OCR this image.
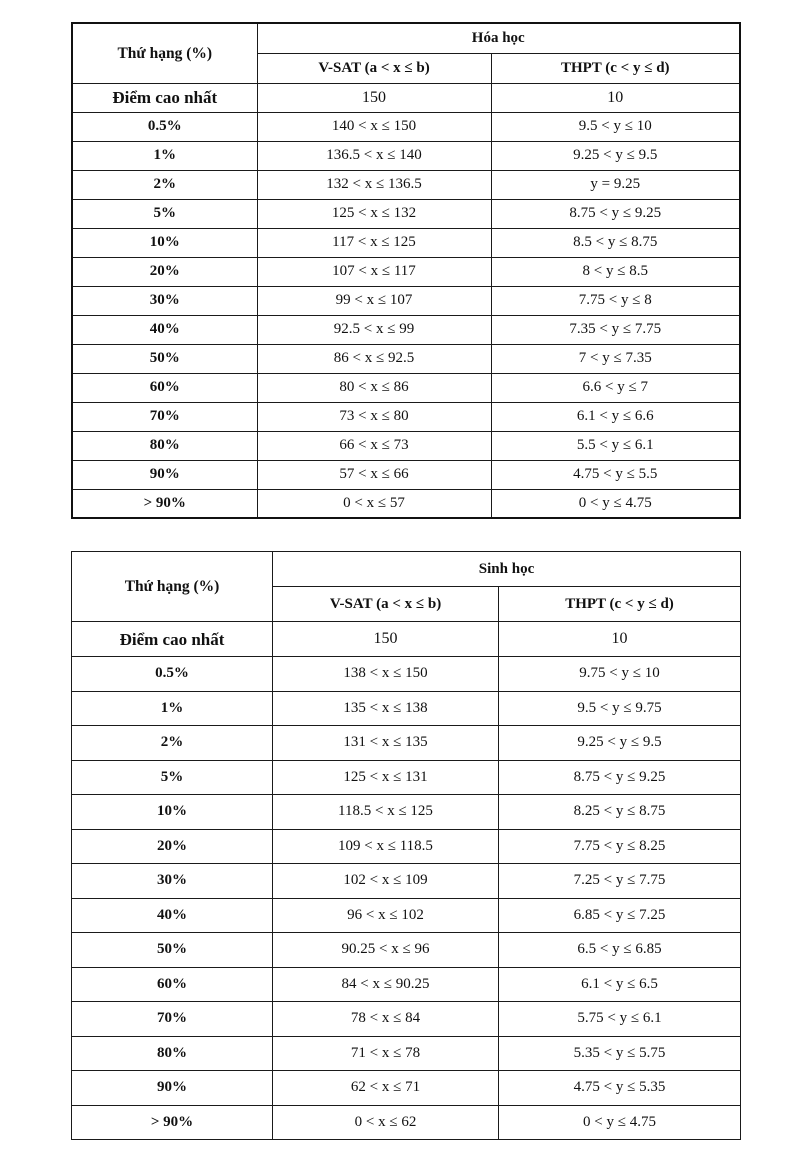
Thứ hạng (%)	Hóa học	
	V-SAT (a < x ≤ b)	THPT (c < y ≤ d)
Điểm cao nhất	150	10
0.5%	140 < x ≤ 150	9.5 < y ≤ 10
1%	136.5 < x ≤ 140	9.25 < y ≤ 9.5
2%	132 < x ≤ 136.5	y = 9.25
5%	125 < x ≤ 132	8.75 < y ≤ 9.25
10%	117 < x ≤ 125	8.5 < y ≤ 8.75
20%	107 < x ≤ 117	8 < y ≤ 8.5
30%	99 < x ≤ 107	7.75 < y ≤ 8
40%	92.5 < x ≤ 99	7.35 < y ≤ 7.75
50%	86 < x ≤ 92.5	7 < y ≤ 7.35
60%	80 < x ≤ 86	6.6 < y ≤ 7
70%	73 < x ≤ 80	6.1 < y ≤ 6.6
80%	66 < x ≤ 73	5.5 < y ≤ 6.1
90%	57 < x ≤ 66	4.75 < y ≤ 5.5
> 90%	0 < x ≤ 57	0 < y ≤ 4.75
Thứ hạng (%)	Sinh học	
	V-SAT (a < x ≤ b)	THPT (c < y ≤ d)
Điểm cao nhất	150	10
0.5%	138 < x ≤ 150	9.75 < y ≤ 10
1%	135 < x ≤ 138	9.5 < y ≤ 9.75
2%	131 < x ≤ 135	9.25 < y ≤ 9.5
5%	125 < x ≤ 131	8.75 < y ≤ 9.25
10%	118.5 < x ≤ 125	8.25 < y ≤ 8.75
20%	109 < x ≤ 118.5	7.75 < y ≤ 8.25
30%	102 < x ≤ 109	7.25 < y ≤ 7.75
40%	96 < x ≤ 102	6.85 < y ≤ 7.25
50%	90.25 < x ≤ 96	6.5 < y ≤ 6.85
60%	84 < x ≤ 90.25	6.1 < y ≤ 6.5
70%	78 < x ≤ 84	5.75 < y ≤ 6.1
80%	71 < x ≤ 78	5.35 < y ≤ 5.75
90%	62 < x ≤ 71	4.75 < y ≤ 5.35
> 90%	0 < x ≤ 62	0 < y ≤ 4.75
